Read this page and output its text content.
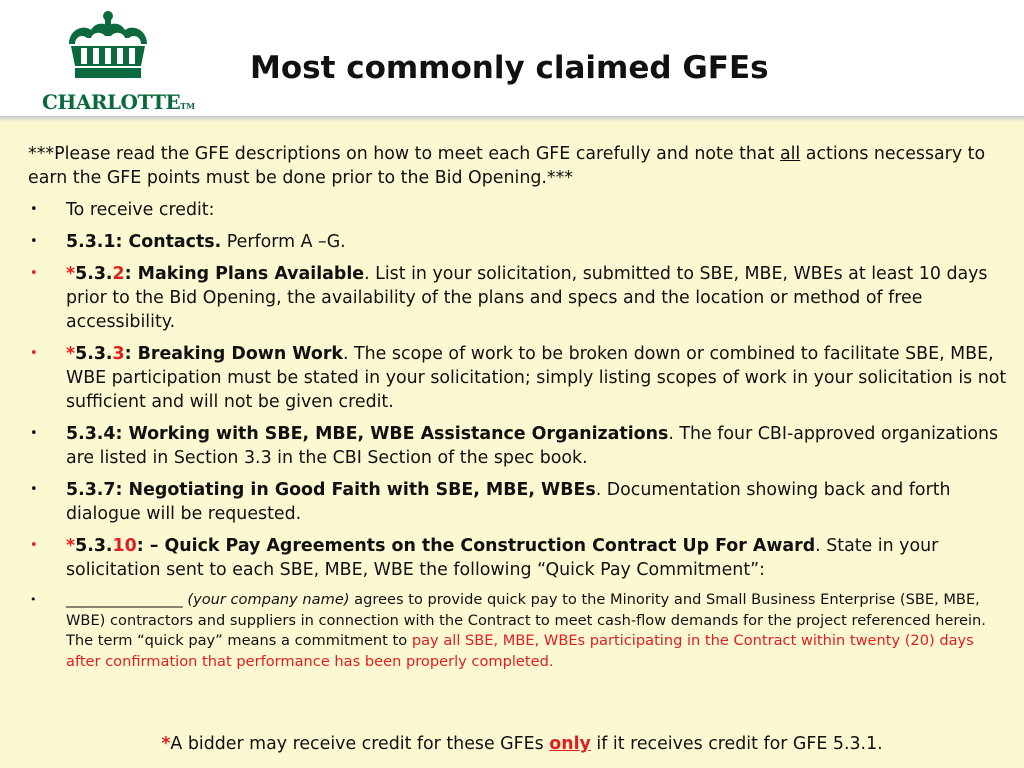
CHARLOTTETM
Most commonly claimed GFEs

***Please read the GFE descriptions on how to meet each GFE carefully and note that all actions necessary to earn the GFE points must be done prior to the Bid Opening.***

• To receive credit:
• 5.3.1: Contacts. Perform A –G.
• *5.3.2: Making Plans Available. List in your solicitation, submitted to SBE, MBE, WBEs at least 10 days prior to the Bid Opening, the availability of the plans and specs and the location or method of free accessibility.
• *5.3.3: Breaking Down Work. The scope of work to be broken down or combined to facilitate SBE, MBE, WBE participation must be stated in your solicitation; simply listing scopes of work in your solicitation is not sufficient and will not be given credit.
• 5.3.4: Working with SBE, MBE, WBE Assistance Organizations. The four CBI-approved organizations are listed in Section 3.3 in the CBI Section of the spec book.
• 5.3.7: Negotiating in Good Faith with SBE, MBE, WBEs. Documentation showing back and forth dialogue will be requested.
• *5.3.10: – Quick Pay Agreements on the Construction Contract Up For Award. State in your solicitation sent to each SBE, MBE, WBE the following “Quick Pay Commitment”:
• ________________ (your company name) agrees to provide quick pay to the Minority and Small Business Enterprise (SBE, MBE, WBE) contractors and suppliers in connection with the Contract to meet cash-flow demands for the project referenced herein. The term “quick pay” means a commitment to pay all SBE, MBE, WBEs participating in the Contract within twenty (20) days after confirmation that performance has been properly completed.
*A bidder may receive credit for these GFEs only if it receives credit for GFE 5.3.1.
